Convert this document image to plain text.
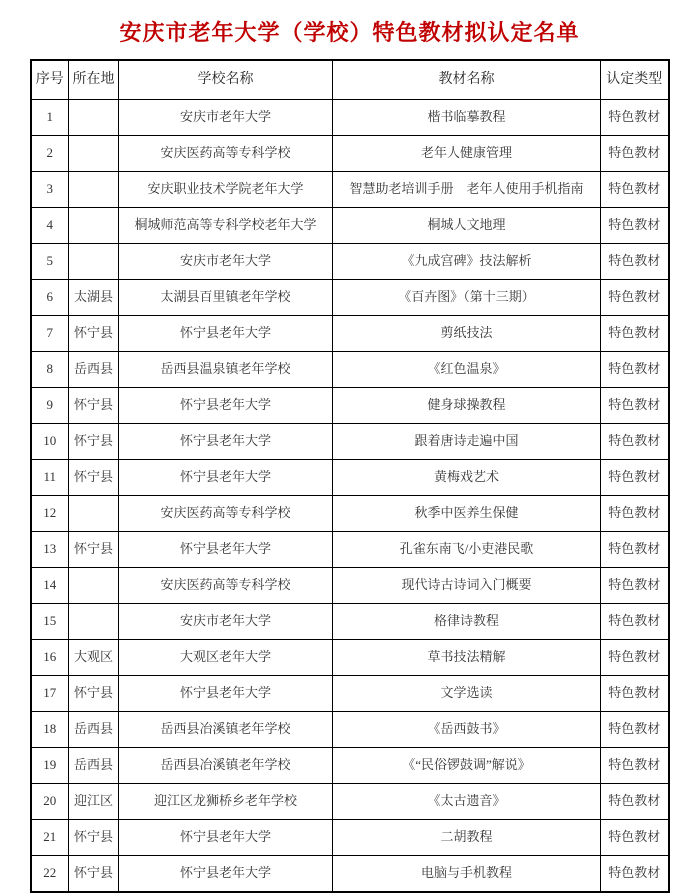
安庆市老年大学（学校）特色教材拟认定名单
序号	所在地	学校名称	教材名称	认定类型
1		安庆市老年大学	楷书临摹教程	特色教材
2		安庆医药高等专科学校	老年人健康管理	特色教材
3		安庆职业技术学院老年大学	智慧助老培训手册　老年人使用手机指南	特色教材
4		桐城师范高等专科学校老年大学	桐城人文地理	特色教材
5		安庆市老年大学	《九成宫碑》技法解析	特色教材
6	太湖县	太湖县百里镇老年学校	《百卉图》（第十三期）	特色教材
7	怀宁县	怀宁县老年大学	剪纸技法	特色教材
8	岳西县	岳西县温泉镇老年学校	《红色温泉》	特色教材
9	怀宁县	怀宁县老年大学	健身球操教程	特色教材
10	怀宁县	怀宁县老年大学	跟着唐诗走遍中国	特色教材
11	怀宁县	怀宁县老年大学	黄梅戏艺术	特色教材
12		安庆医药高等专科学校	秋季中医养生保健	特色教材
13	怀宁县	怀宁县老年大学	孔雀东南飞/小吏港民歌	特色教材
14		安庆医药高等专科学校	现代诗古诗词入门概要	特色教材
15		安庆市老年大学	格律诗教程	特色教材
16	大观区	大观区老年大学	草书技法精解	特色教材
17	怀宁县	怀宁县老年大学	文学选读	特色教材
18	岳西县	岳西县冶溪镇老年学校	《岳西鼓书》	特色教材
19	岳西县	岳西县冶溪镇老年学校	《“民俗锣鼓调”解说》	特色教材
20	迎江区	迎江区龙狮桥乡老年学校	《太古遗音》	特色教材
21	怀宁县	怀宁县老年大学	二胡教程	特色教材
22	怀宁县	怀宁县老年大学	电脑与手机教程	特色教材
